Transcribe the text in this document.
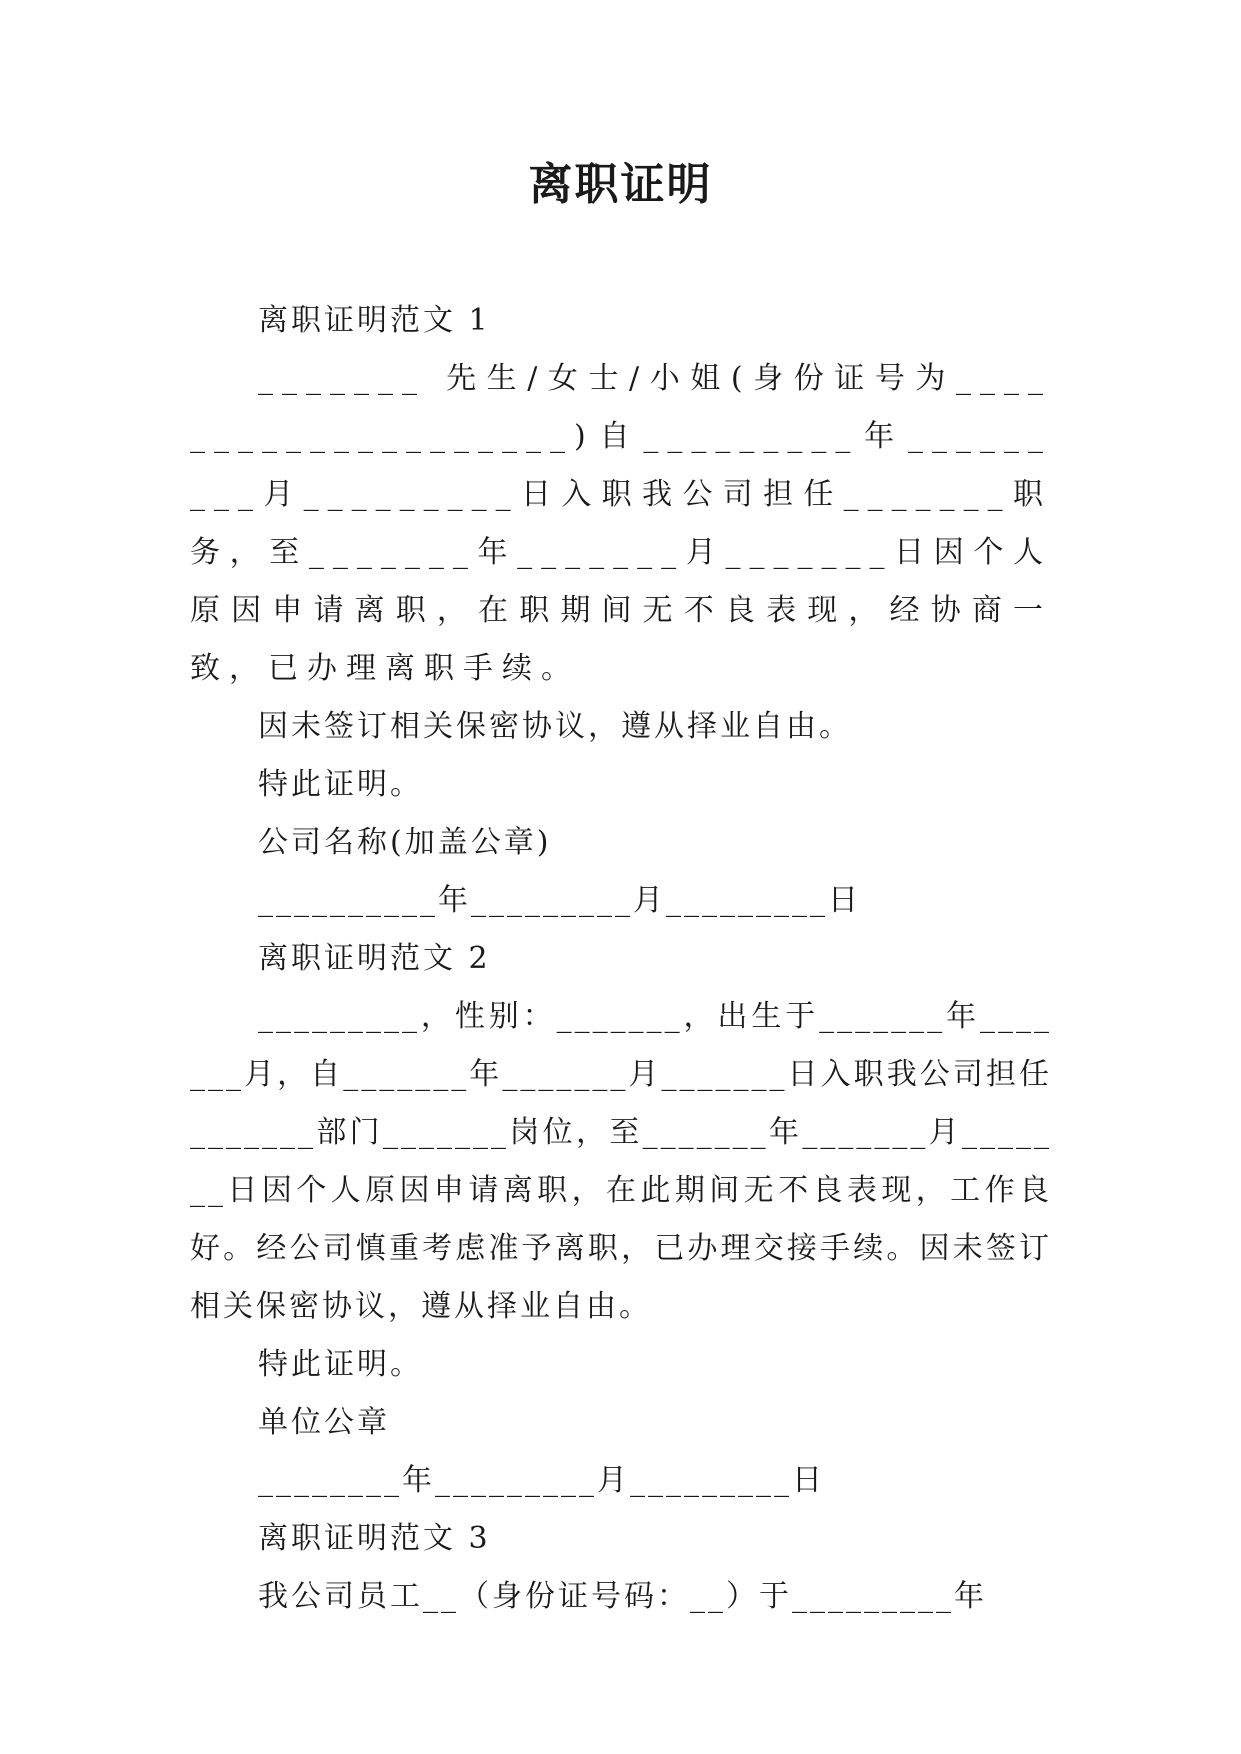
离职证明

离职证明范文 1

_______ 先生/女士/小姐(身份证号为____________________)自_________年_________月_________日入职我公司担任_______职务，至_______年_______月_______日因个人原因申请离职，在职期间无不良表现，经协商一致，已办理离职手续。

因未签订相关保密协议，遵从择业自由。

特此证明。

公司名称(加盖公章)

__________年_________月_________日

离职证明范文 2

_________，性别：_______，出生于_______年_______月，自_______年_______月_______日入职我公司担任_______部门_______岗位，至_______年_______月_______日因个人原因申请离职，在此期间无不良表现，工作良好。经公司慎重考虑准予离职，已办理交接手续。因未签订相关保密协议，遵从择业自由。

特此证明。

单位公章

________年_________月_________日

离职证明范文 3

我公司员工__（身份证号码：__）于_________年
